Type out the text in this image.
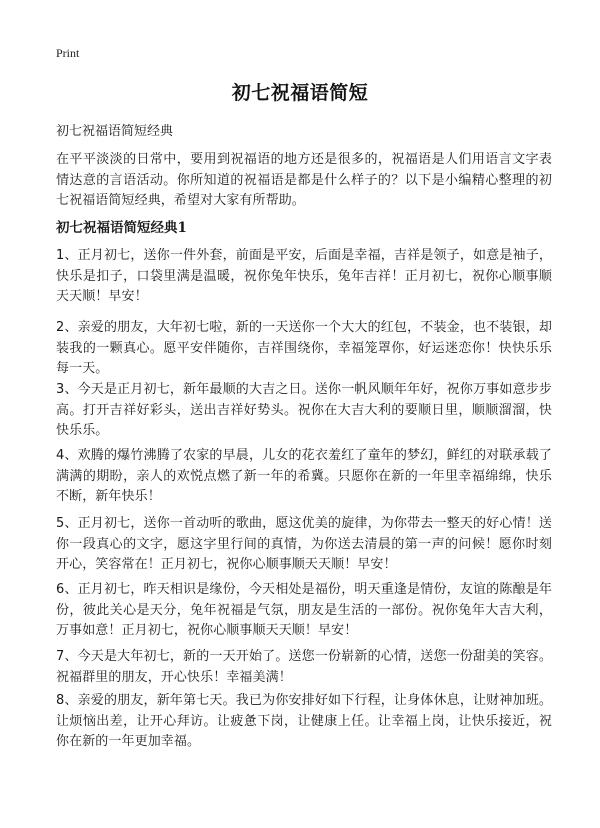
Print
初七祝福语简短

初七祝福语简短经典

在平平淡淡的日常中，要用到祝福语的地方还是很多的，祝福语是人们用语言文字表情达意的言语活动。你所知道的祝福语是都是什么样子的？以下是小编精心整理的初七祝福语简短经典，希望对大家有所帮助。

初七祝福语简短经典1

1、正月初七，送你一件外套，前面是平安，后面是幸福，吉祥是领子，如意是袖子，快乐是扣子，口袋里满是温暖，祝你兔年快乐，兔年吉祥！正月初七，祝你心顺事顺天天顺！早安！

2、亲爱的朋友，大年初七啦，新的一天送你一个大大的红包，不装金，也不装银，却装我的一颗真心。愿平安伴随你，吉祥围绕你，幸福笼罩你，好运迷恋你！快快乐乐每一天。

3、今天是正月初七，新年最顺的大吉之日。送你一帆风顺年年好，祝你万事如意步步高。打开吉祥好彩头，送出吉祥好势头。祝你在大吉大利的要顺日里，顺顺溜溜，快快乐乐。

4、欢腾的爆竹沸腾了农家的早晨，儿女的花衣羞红了童年的梦幻，鲜红的对联承载了满满的期盼，亲人的欢悦点燃了新一年的希冀。只愿你在新的一年里幸福绵绵，快乐不断，新年快乐！

5、正月初七，送你一首动听的歌曲，愿这优美的旋律，为你带去一整天的好心情！送你一段真心的文字，愿这字里行间的真情，为你送去清晨的第一声的问候！愿你时刻开心，笑容常在！正月初七，祝你心顺事顺天天顺！早安！

6、正月初七，昨天相识是缘份，今天相处是福份，明天重逢是情份，友谊的陈酿是年份，彼此关心是天分，兔年祝福是气氛，朋友是生活的一部份。祝你兔年大吉大利，万事如意！正月初七，祝你心顺事顺天天顺！早安！

7、今天是大年初七，新的一天开始了。送您一份崭新的心情，送您一份甜美的笑容。祝福群里的朋友，开心快乐！幸福美满！

8、亲爱的朋友，新年第七天。我已为你安排好如下行程，让身体休息，让财神加班。让烦恼出差，让开心拜访。让疲惫下岗，让健康上任。让幸福上岗，让快乐接近，祝你在新的一年更加幸福。
